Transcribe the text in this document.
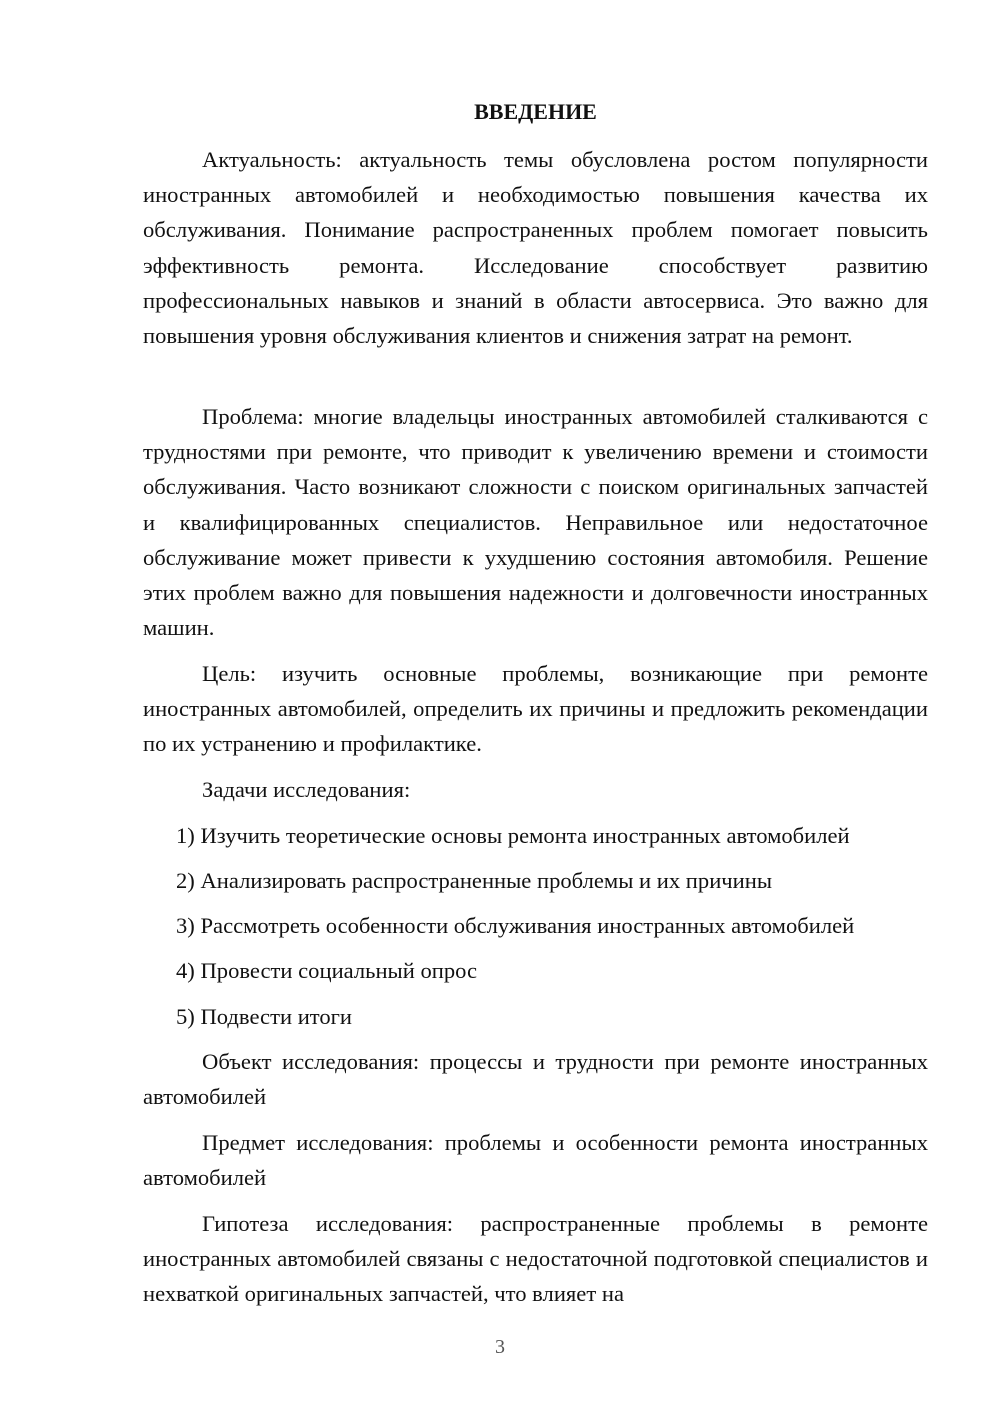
ВВЕДЕНИЕ

Актуальность: актуальность темы обусловлена ростом популярности иностранных автомобилей и необходимостью повышения качества их обслуживания. Понимание распространенных проблем помогает повысить эффективность ремонта. Исследование способствует развитию профессиональных навыков и знаний в области автосервиса. Это важно для повышения уровня обслуживания клиентов и снижения затрат на ремонт.

Проблема: многие владельцы иностранных автомобилей сталкиваются с трудностями при ремонте, что приводит к увеличению времени и стоимости обслуживания. Часто возникают сложности с поиском оригинальных запчастей и квалифицированных специалистов. Неправильное или недостаточное обслуживание может привести к ухудшению состояния автомобиля. Решение этих проблем важно для повышения надежности и долговечности иностранных машин.

Цель: изучить основные проблемы, возникающие при ремонте иностранных автомобилей, определить их причины и предложить рекомендации по их устранению и профилактике.

Задачи исследования:

1) Изучить теоретические основы ремонта иностранных автомобилей

2) Анализировать распространенные проблемы и их причины

3) Рассмотреть особенности обслуживания иностранных автомобилей

4) Провести социальный опрос

5) Подвести итоги

Объект исследования: процессы и трудности при ремонте иностранных автомобилей

Предмет исследования: проблемы и особенности ремонта иностранных автомобилей

Гипотеза исследования: распространенные проблемы в ремонте иностранных автомобилей связаны с недостаточной подготовкой специалистов и нехваткой оригинальных запчастей, что влияет на

3
